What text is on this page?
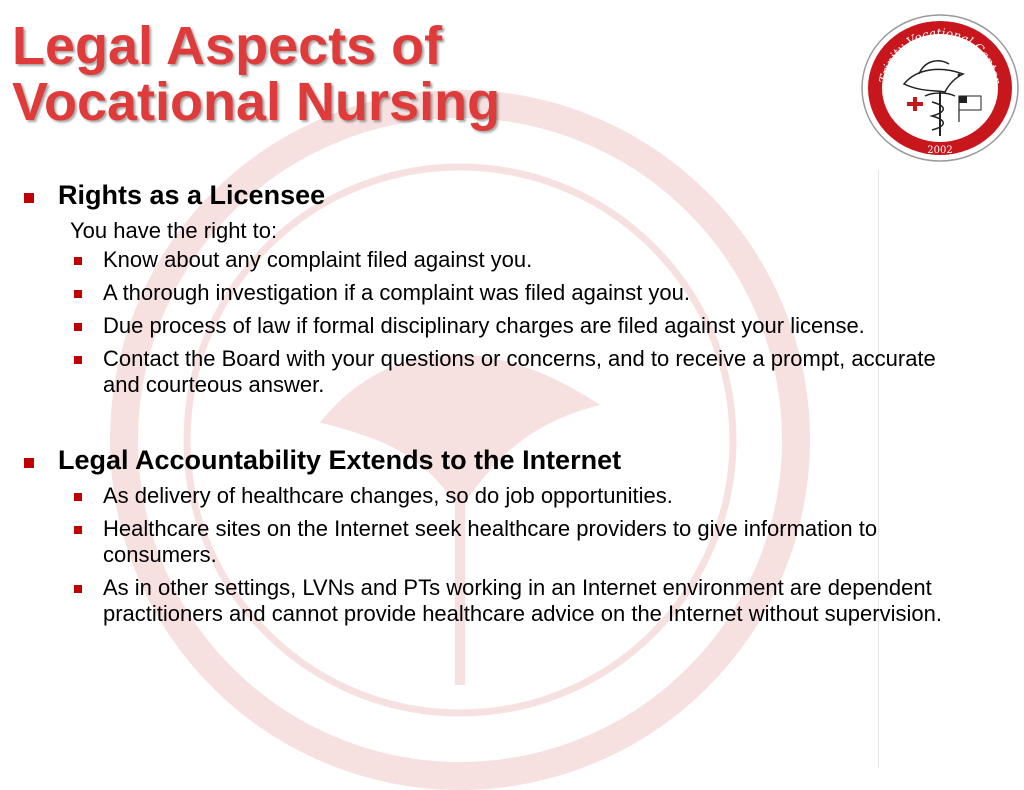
Legal Aspects of
Vocational Nursing	Trinity Vocational Center
2002
Rights as a Licensee
You have the right to:
Know about any complaint filed against you.
A thorough investigation if a complaint was filed against you.
Due process of law if formal disciplinary charges are filed against your license.
Contact the Board with your questions or concerns, and to receive a prompt, accurate and courteous answer.
Legal Accountability Extends to the Internet
As delivery of healthcare changes, so do job opportunities.
Healthcare sites on the Internet seek healthcare providers to give information to consumers.
As in other settings, LVNs and PTs working in an Internet environment are dependent practitioners and cannot provide healthcare advice on the Internet without supervision.
